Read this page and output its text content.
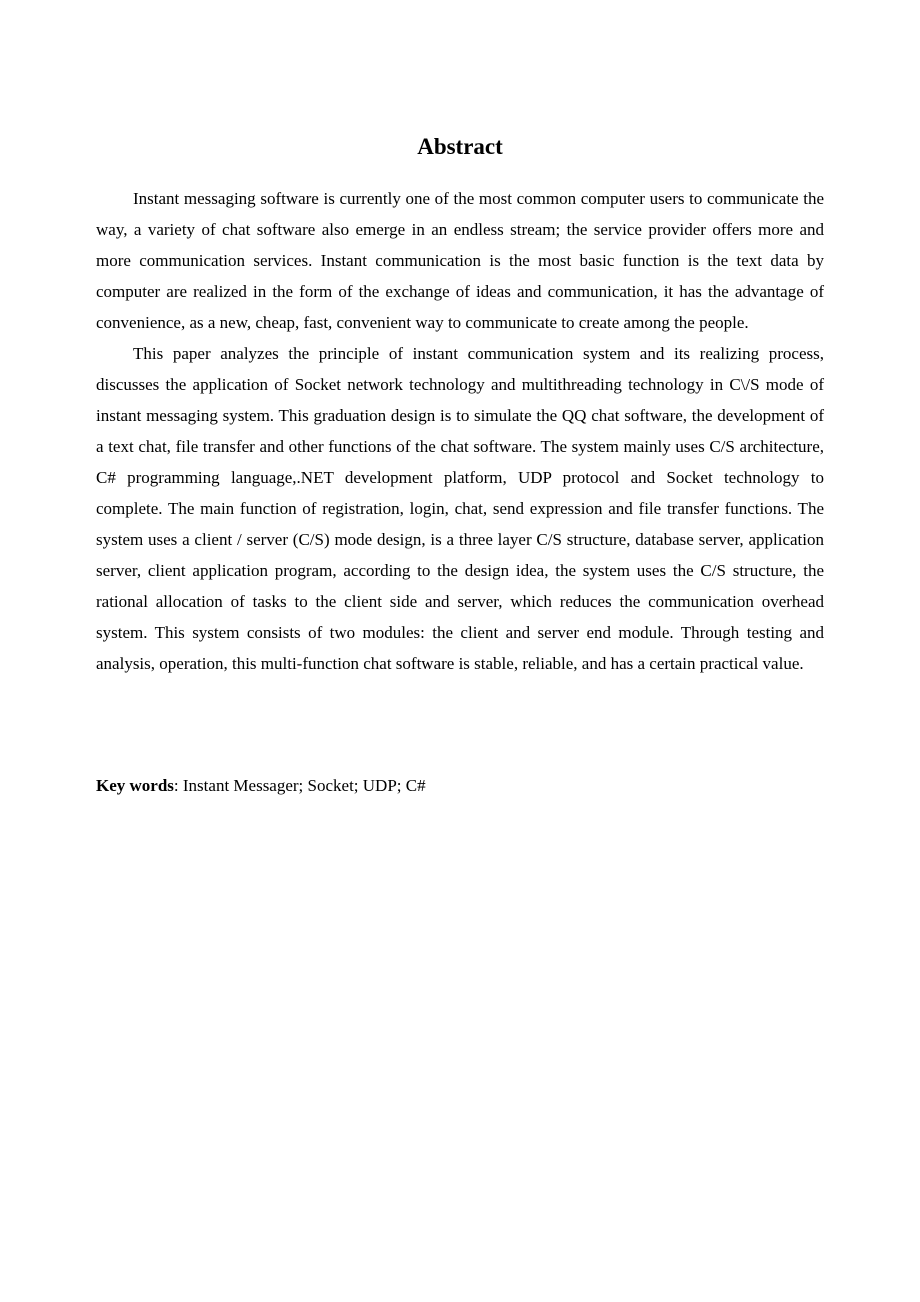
Abstract

Instant messaging software is currently one of the most common computer users to communicate the way, a variety of chat software also emerge in an endless stream; the service provider offers more and more communication services. Instant communication is the most basic function is the text data by computer are realized in the form of the exchange of ideas and communication, it has the advantage of convenience, as a new, cheap, fast, convenient way to communicate to create among the people.

This paper analyzes the principle of instant communication system and its realizing process, discusses the application of Socket network technology and multithreading technology in C\/S mode of instant messaging system. This graduation design is to simulate the QQ chat software, the development of a text chat, file transfer and other functions of the chat software. The system mainly uses C/S architecture, C# programming language,.NET development platform, UDP protocol and Socket technology to complete. The main function of registration, login, chat, send expression and file transfer functions. The system uses a client / server (C/S) mode design, is a three layer C/S structure, database server, application server, client application program, according to the design idea, the system uses the C/S structure, the rational allocation of tasks to the client side and server, which reduces the communication overhead system. This system consists of two modules: the client and server end module. Through testing and analysis, operation, this multi-function chat software is stable, reliable, and has a certain practical value.

Key words: Instant Messager; Socket; UDP; C#
